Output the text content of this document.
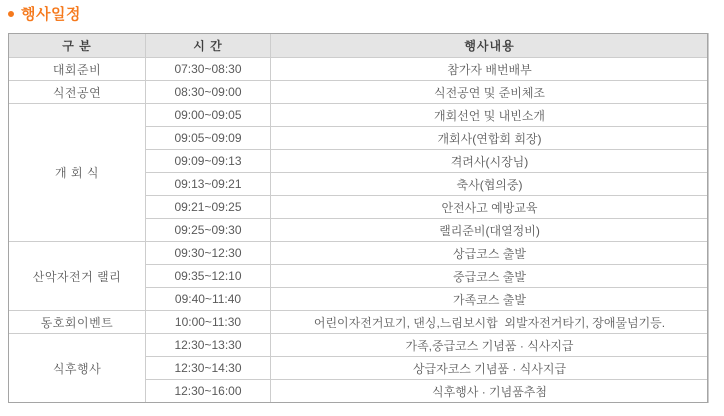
행사일정
구 분	시 간	행사내용
대회준비	07:30~08:30	참가자 배번배부
식전공연	08:30~09:00	식전공연 및 준비체조
개 회 식	09:00~09:05	개회선언 및 내빈소개
	09:05~09:09	개회사(연합회 회장)
	09:09~09:13	격려사(시장님)
	09:13~09:21	축사(협의중)
	09:21~09:25	안전사고 예방교육
	09:25~09:30	랠리준비(대열정비)
산악자전거 랠리	09:30~12:30	상급코스 출발
	09:35~12:10	중급코스 출발
	09:40~11:40	가족코스 출발
동호회이벤트	10:00~11:30	어린이자전거묘기, 댄싱,느림보시합  외발자전거타기, 장애물넘기등.
식후행사	12:30~13:30	가족,중급코스 기념품 · 식사지급
	12:30~14:30	상급자코스 기념품 · 식사지급
	12:30~16:00	식후행사 · 기념품추첨
